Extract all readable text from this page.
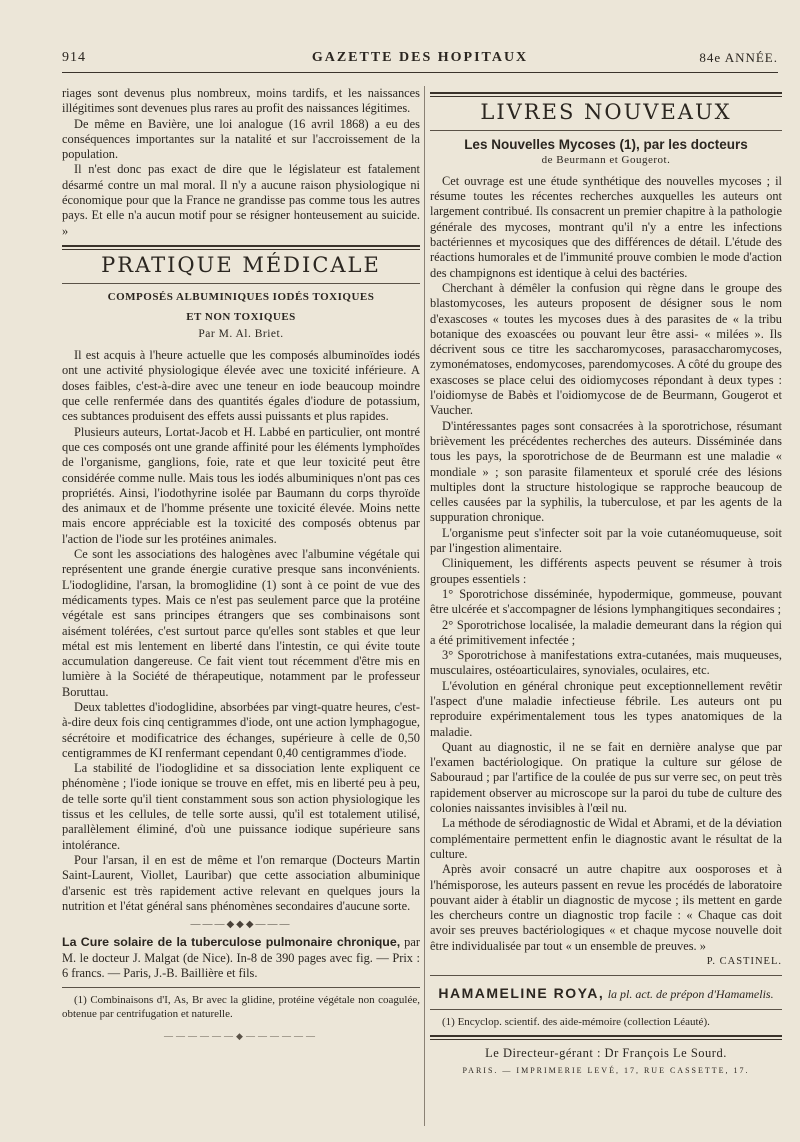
914	GAZETTE DES HOPITAUX	84e ANNÉE.

riages sont devenus plus nombreux, moins tardifs, et les naissances illégitimes sont devenues plus rares au profit des naissances légitimes.

De même en Bavière, une loi analogue (16 avril 1868) a eu des conséquences importantes sur la natalité et sur l'accroissement de la population.

Il n'est donc pas exact de dire que le législateur est fatalement désarmé contre un mal moral. Il n'y a aucune raison physiologique ni économique pour que la France ne grandisse pas comme tous les autres pays. Et elle n'a aucun motif pour se résigner honteusement au suicide. »

PRATIQUE MÉDICALE
COMPOSÉS ALBUMINIQUES IODÉS TOXIQUES
ET NON TOXIQUES
Par M. Al. Briet.

Il est acquis à l'heure actuelle que les composés albuminoïdes iodés ont une activité physiologique élevée avec une toxicité inférieure. A doses faibles, c'est-à-dire avec une teneur en iode beaucoup moindre que celle renfermée dans des quantités égales d'iodure de potassium, ces subtances produisent des effets aussi puissants et plus rapides.

Plusieurs auteurs, Lortat-Jacob et H. Labbé en particulier, ont montré que ces composés ont une grande affinité pour les éléments lymphoïdes de l'organisme, ganglions, foie, rate et que leur toxicité peut être considérée comme nulle. Mais tous les iodés albuminiques n'ont pas ces propriétés. Ainsi, l'iodothyrine isolée par Baumann du corps thyroïde des animaux et de l'homme présente une toxicité élevée. Moins nette mais encore appréciable est la toxicité des composés obtenus par l'action de l'iode sur les protéines animales.

Ce sont les associations des halogènes avec l'albumine végétale qui représentent une grande énergie curative presque sans inconvénients. L'iodoglidine, l'arsan, la bromoglidine (1) sont à ce point de vue des médicaments types. Mais ce n'est pas seulement parce que la protéine végétale est sans principes étrangers que ses combinaisons sont aisément tolérées, c'est surtout parce qu'elles sont stables et que leur métal est mis lentement en liberté dans l'intestin, ce qui évite toute accumulation dangereuse. Ce fait vient tout récemment d'être mis en lumière à la Société de thérapeutique, notamment par le professeur Boruttau.

Deux tablettes d'iodoglidine, absorbées par vingt-quatre heures, c'est-à-dire deux fois cinq centigrammes d'iode, ont une action lymphagogue, sécrétoire et modificatrice des échanges, supérieure à celle de 0,50 centigrammes de KI renfermant cependant 0,40 centigrammes d'iode.

La stabilité de l'iodoglidine et sa dissociation lente expliquent ce phénomène ; l'iode ionique se trouve en effet, mis en liberté peu à peu, de telle sorte qu'il tient constamment sous son action physiologique les tissus et les cellules, de telle sorte aussi, qu'il est totalement utilisé, parallèlement éliminé, d'où une puissance iodique supérieure sans intolérance.

Pour l'arsan, il en est de même et l'on remarque (Docteurs Martin Saint-Laurent, Viollet, Lauribar) que cette association albuminique d'arsenic est très rapidement active relevant en quelques jours la nutrition et l'état général sans phénomènes secondaires d'aucune sorte.

———◆◆◆———

La Cure solaire de la tuberculose pulmonaire chronique, par M. le docteur J. Malgat (de Nice). In-8 de 390 pages avec fig. — Prix : 6 francs. — Paris, J.-B. Baillière et fils.

(1) Combinaisons d'I, As, Br avec la glidine, protéine végétale non coagulée, obtenue par centrifugation et naturelle.

——————◆——————
LIVRES NOUVEAUX
Les Nouvelles Mycoses (1), par les docteurs
de Beurmann et Gougerot.

Cet ouvrage est une étude synthétique des nouvelles mycoses ; il résume toutes les récentes recherches auxquelles les auteurs ont largement contribué. Ils consacrent un premier chapitre à la pathologie générale des mycoses, montrant qu'il n'y a entre les infections bactériennes et mycosiques que des différences de détail. L'étude des réactions humorales et de l'immunité prouve combien le mode d'action des champignons est identique à celui des bactéries.

Cherchant à démêler la confusion qui règne dans le groupe des blastomycoses, les auteurs proposent de désigner sous le nom d'exascoses « toutes les mycoses dues à des parasites de « la tribu botanique des exoascées ou pouvant leur être assi- « milées ». Ils décrivent sous ce titre les saccharomycoses, parasaccharomycoses, zymonématoses, endomycoses, parendomycoses. A côté du groupe des exascoses se place celui des oidiomycoses répondant à deux types : l'oidiomyse de Babès et l'oidiomycose de de Beurmann, Gougerot et Vaucher.

D'intéressantes pages sont consacrées à la sporotrichose, résumant brièvement les précédentes recherches des auteurs. Disséminée dans tous les pays, la sporotrichose de de Beurmann est une maladie « mondiale » ; son parasite filamenteux et sporulé crée des lésions multiples dont la structure histologique se rapproche beaucoup de celles causées par la syphilis, la tuberculose, et par les agents de la suppuration chronique.

L'organisme peut s'infecter soit par la voie cutanéomuqueuse, soit par l'ingestion alimentaire.

Cliniquement, les différents aspects peuvent se résumer à trois groupes essentiels :

1° Sporotrichose disséminée, hypodermique, gommeuse, pouvant être ulcérée et s'accompagner de lésions lymphangitiques secondaires ;

2° Sporotrichose localisée, la maladie demeurant dans la région qui a été primitivement infectée ;

3° Sporotrichose à manifestations extra-cutanées, mais muqueuses, musculaires, ostéoarticulaires, synoviales, oculaires, etc.

L'évolution en général chronique peut exceptionnellement revêtir l'aspect d'une maladie infectieuse fébrile. Les auteurs ont pu reproduire expérimentalement tous les types anatomiques de la maladie.

Quant au diagnostic, il ne se fait en dernière analyse que par l'examen bactériologique. On pratique la culture sur gélose de Sabouraud ; par l'artifice de la coulée de pus sur verre sec, on peut très rapidement observer au microscope sur la paroi du tube de culture des colonies naissantes invisibles à l'œil nu.

La méthode de sérodiagnostic de Widal et Abrami, et de la déviation complémentaire permettent enfin le diagnostic avant le résultat de la culture.

Après avoir consacré un autre chapitre aux oosporoses et à l'hémisporose, les auteurs passent en revue les procédés de laboratoire pouvant aider à établir un diagnostic de mycose ; ils mettent en garde les chercheurs contre un diagnostic trop facile : « Chaque cas doit avoir ses preuves bactériologiques « et chaque mycose nouvelle doit être individualisée par tout « un ensemble de preuves. »

P. CASTINEL.
HAMAMELINE ROYA, la pl. act. de prépon d'Hamamelis.

(1) Encyclop. scientif. des aide-mémoire (collection Léauté).

Le Directeur-gérant : Dr François Le Sourd.
PARIS. — IMPRIMERIE LEVÉ, 17, RUE CASSETTE, 17.
